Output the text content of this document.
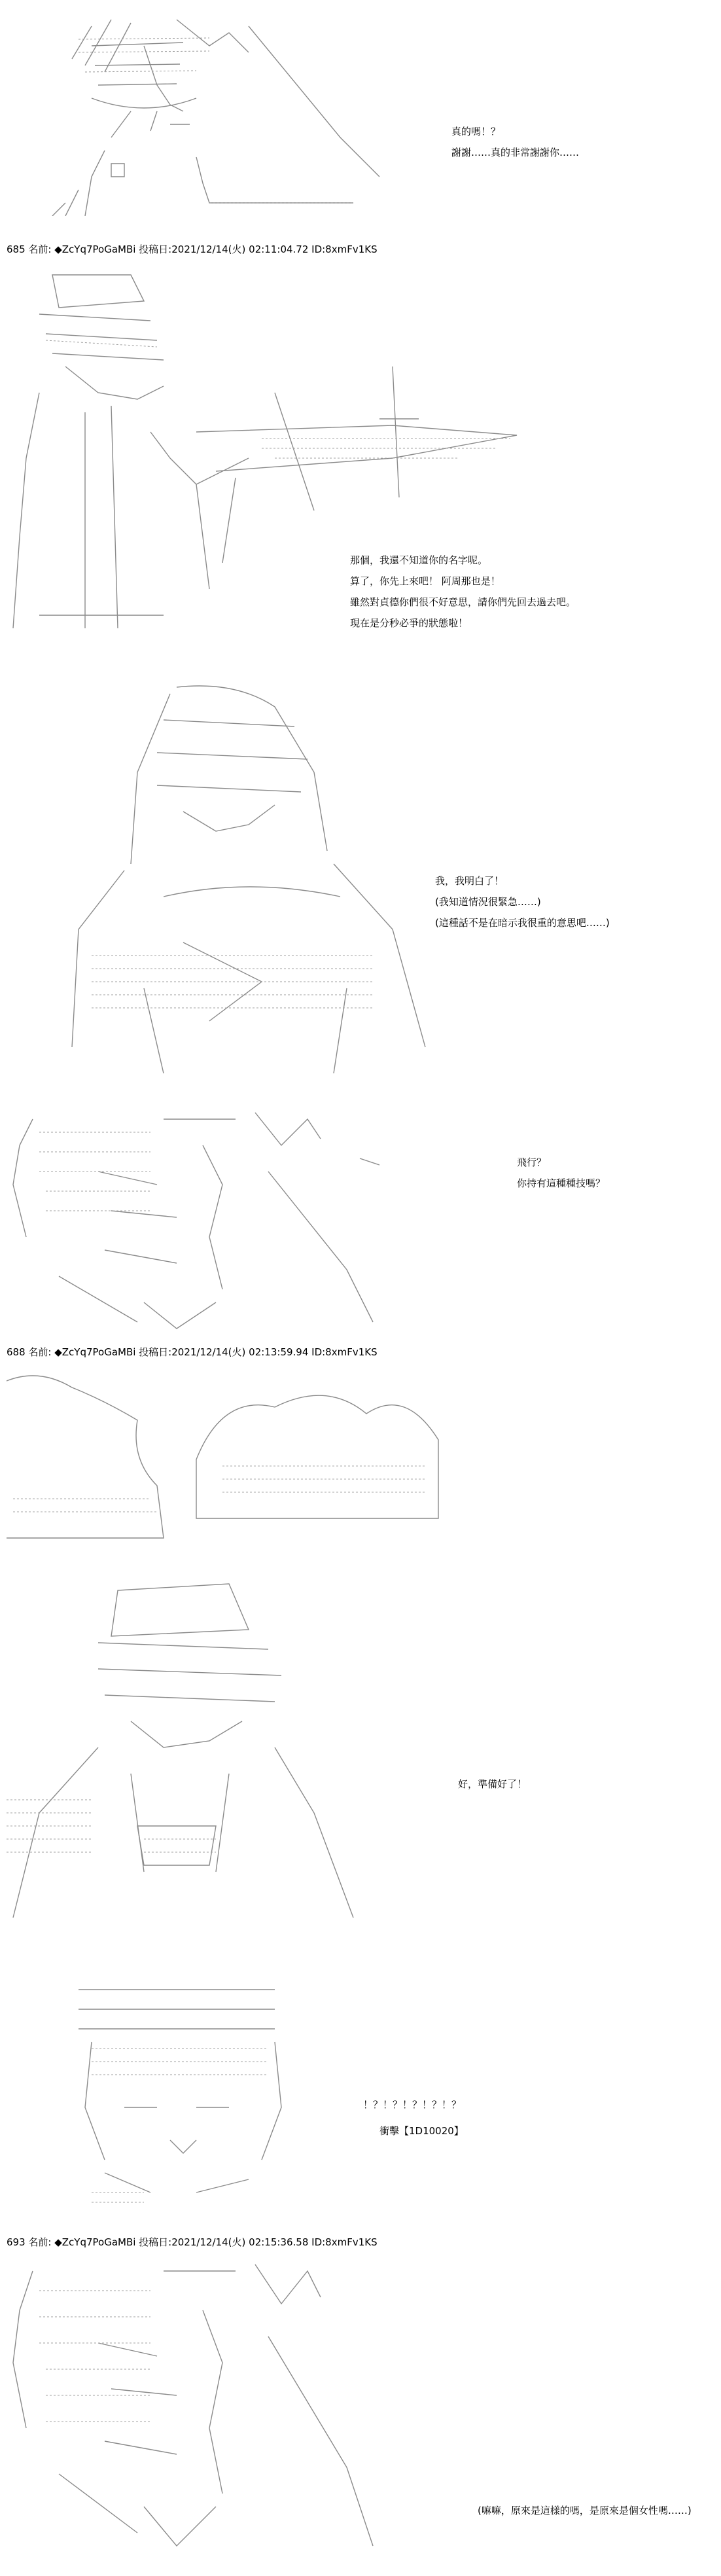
真的嗎！？
謝謝……真的非常謝謝你……
685 名前: ◆ZcYq7PoGaMBi 投稿日:2021/12/14(火) 02:11:04.72 ID:8xmFv1KS
那個，我還不知道你的名字呢。
算了，你先上來吧！ 阿周那也是！
雖然對貞德你們很不好意思，請你們先回去過去吧。
現在是分秒必爭的狀態啦！
我，我明白了！
(我知道情況很緊急……)
(這種話不是在暗示我很重的意思吧……)
飛行？
你持有這種種技嗎？
688 名前: ◆ZcYq7PoGaMBi 投稿日:2021/12/14(火) 02:13:59.94 ID:8xmFv1KS
好，準備好了！
！？！？！？！？！？
衝擊【1D10020】
693 名前: ◆ZcYq7PoGaMBi 投稿日:2021/12/14(火) 02:15:36.58 ID:8xmFv1KS
(嘛嘛，原來是這樣的嗎，是原來是個女性嗎……)
